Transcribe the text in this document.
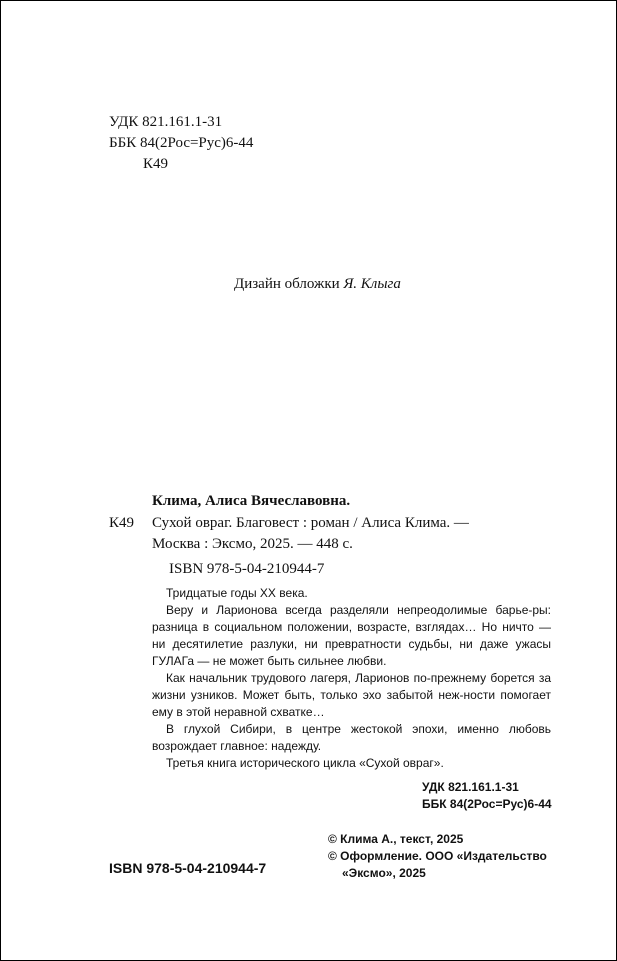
УДК 821.161.1-31
ББК 84(2Рос=Рус)6-44
К49
Дизайн обложки Я. Клыга
Клима, Алиса Вячеславовна.
К49 Сухой овраг. Благовест : роман / Алиса Клима. —
Москва : Эксмо, 2025. — 448 с.
ISBN 978-5-04-210944-7

Тридцатые годы XX века.

Веру и Ларионова всегда разделяли непреодолимые барье-ры: разница в социальном положении, возрасте, взглядах… Но ничто — ни десятилетие разлуки, ни превратности судьбы, ни даже ужасы ГУЛАГа — не может быть сильнее любви.

Как начальник трудового лагеря, Ларионов по-прежнему борется за жизни узников. Может быть, только эхо забытой неж-ности помогает ему в этой неравной схватке…

В глухой Сибири, в центре жестокой эпохи, именно любовь возрождает главное: надежду.

Третья книга исторического цикла «Сухой овраг».

УДК 821.161.1-31
ББК 84(2Рос=Рус)6-44
ISBN 978-5-04-210944-7
© Клима А., текст, 2025
© Оформление. ООО «Издательство
«Эксмо», 2025
